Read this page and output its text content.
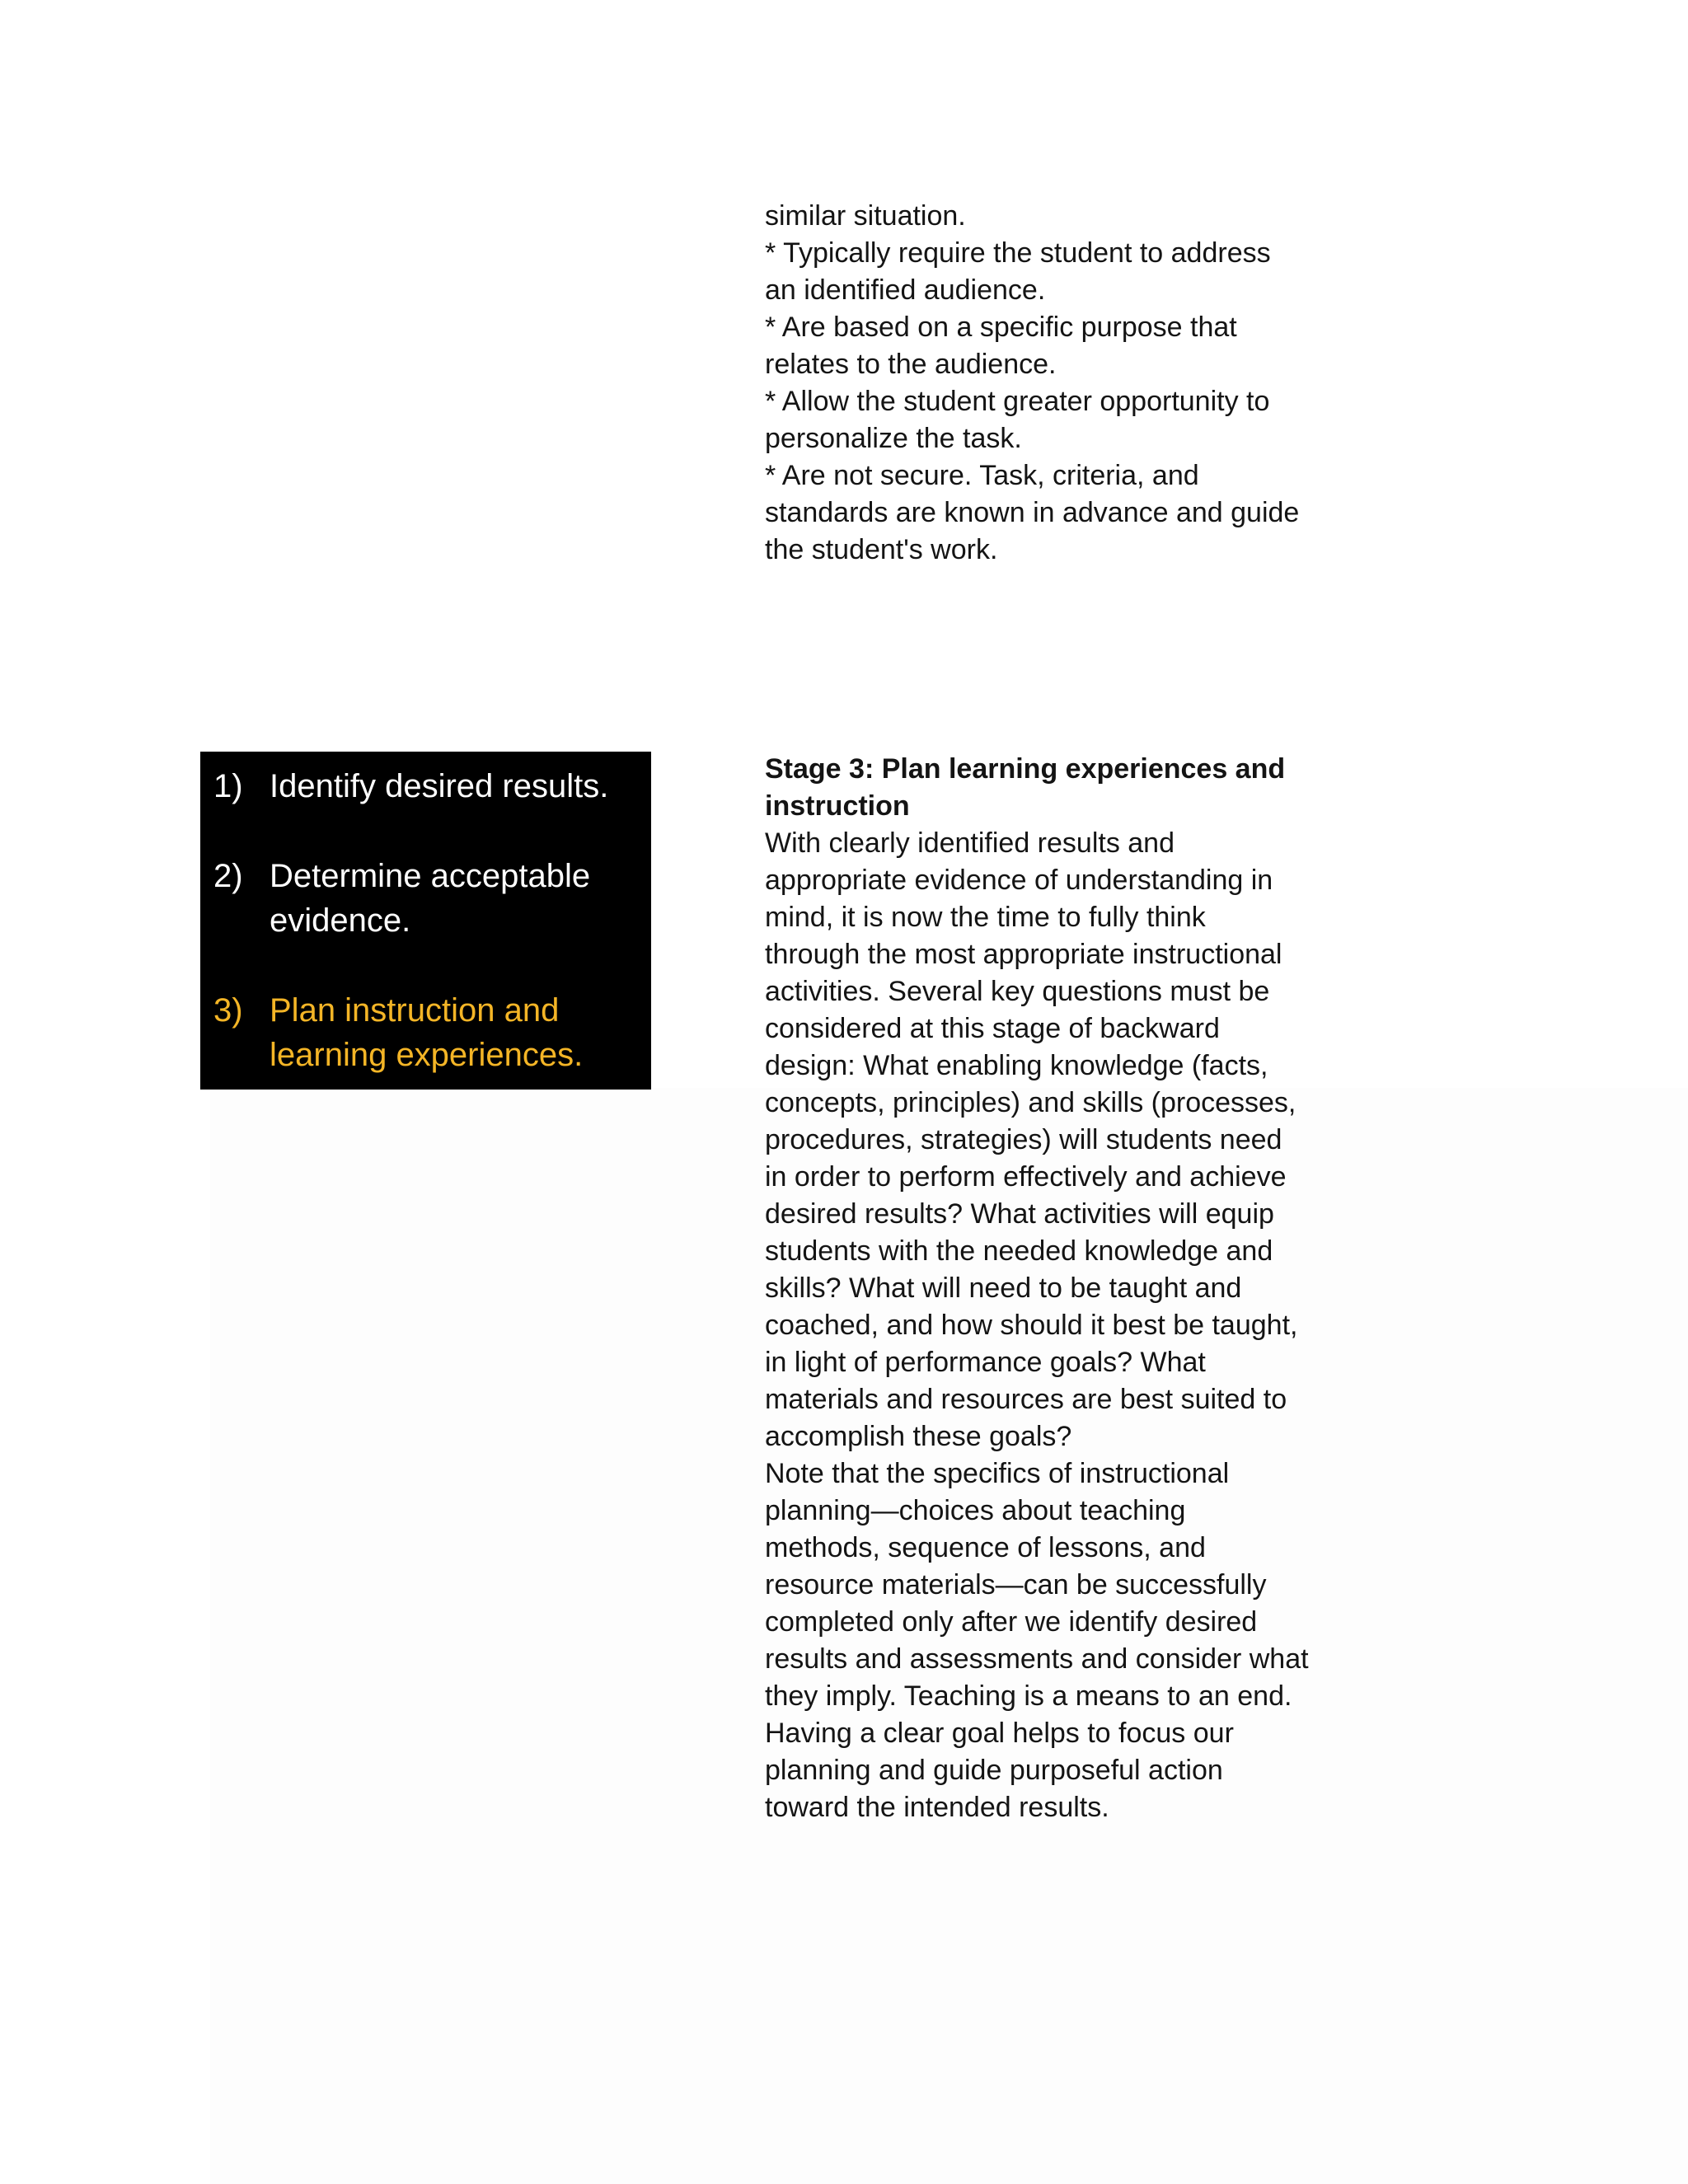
similar situation.

* Typically require the student to address

an identified audience.

* Are based on a specific purpose that

relates to the audience.

* Allow the student greater opportunity to

personalize the task.

* Are not secure. Task, criteria, and

standards are known in advance and guide

the student's work.

1) Identify desired results.
2) Determine acceptable
evidence.
3) Plan instruction and
learning experiences.

Stage 3: Plan learning experiences and

instruction

With clearly identified results and

appropriate evidence of understanding in

mind, it is now the time to fully think

through the most appropriate instructional

activities. Several key questions must be

considered at this stage of backward

design: What enabling knowledge (facts,

concepts, principles) and skills (processes,

procedures, strategies) will students need

in order to perform effectively and achieve

desired results? What activities will equip

students with the needed knowledge and

skills? What will need to be taught and

coached, and how should it best be taught,

in light of performance goals? What

materials and resources are best suited to

accomplish these goals?

Note that the specifics of instructional

planning—choices about teaching

methods, sequence of lessons, and

resource materials—can be successfully

completed only after we identify desired

results and assessments and consider what

they imply. Teaching is a means to an end.

Having a clear goal helps to focus our

planning and guide purposeful action

toward the intended results.
